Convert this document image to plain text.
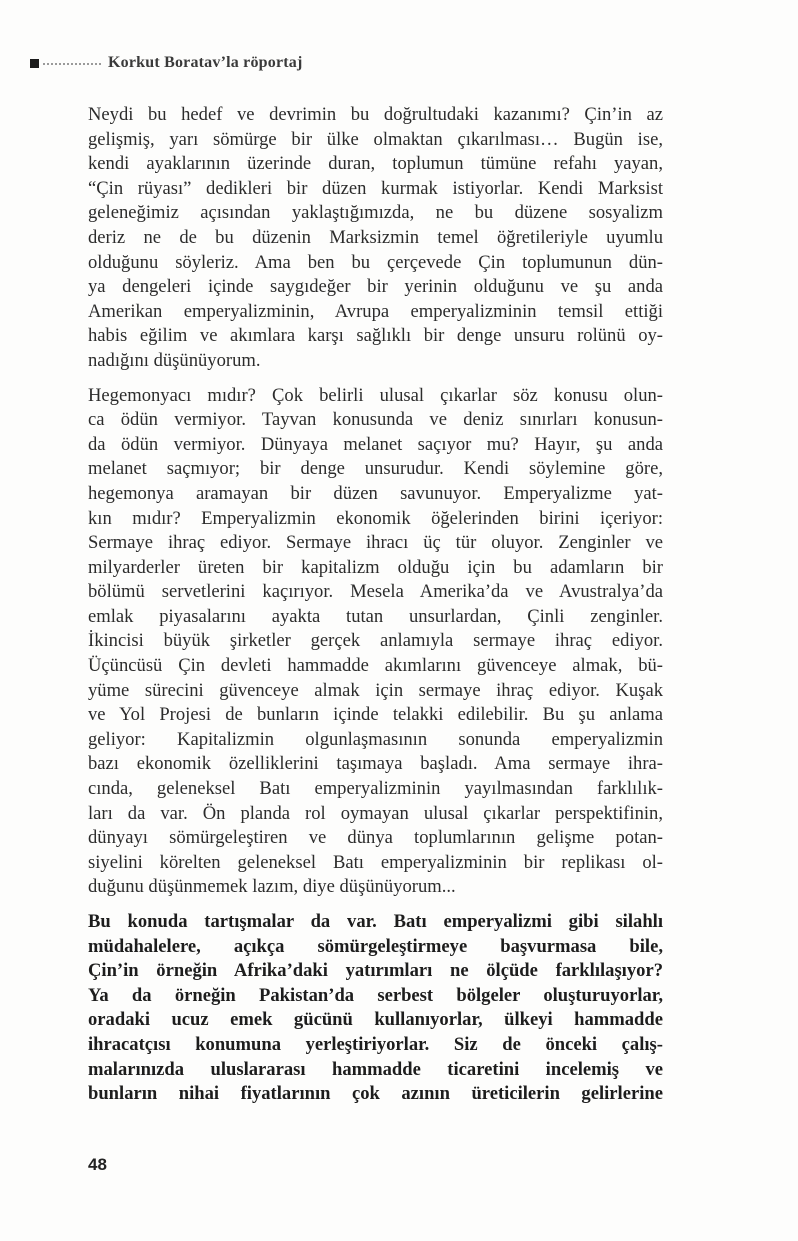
Korkut Boratav’la röportaj

Neydi bu hedef ve devrimin bu doğrultudaki kazanımı? Çin’in az
gelişmiş, yarı sömürge bir ülke olmaktan çıkarılması… Bugün ise,
kendi ayaklarının üzerinde duran, toplumun tümüne refahı yayan,
“Çin rüyası” dedikleri bir düzen kurmak istiyorlar. Kendi Marksist
geleneğimiz açısından yaklaştığımızda, ne bu düzene sosyalizm
deriz ne de bu düzenin Marksizmin temel öğretileriyle uyumlu
olduğunu söyleriz. Ama ben bu çerçevede Çin toplumunun dün-
ya dengeleri içinde saygıdeğer bir yerinin olduğunu ve şu anda
Amerikan emperyalizminin, Avrupa emperyalizminin temsil ettiği
habis eğilim ve akımlara karşı sağlıklı bir denge unsuru rolünü oy-
nadığını düşünüyorum.

Hegemonyacı mıdır? Çok belirli ulusal çıkarlar söz konusu olun-
ca ödün vermiyor. Tayvan konusunda ve deniz sınırları konusun-
da ödün vermiyor. Dünyaya melanet saçıyor mu? Hayır, şu anda
melanet saçmıyor; bir denge unsurudur. Kendi söylemine göre,
hegemonya aramayan bir düzen savunuyor. Emperyalizme yat-
kın mıdır? Emperyalizmin ekonomik öğelerinden birini içeriyor:
Sermaye ihraç ediyor. Sermaye ihracı üç tür oluyor. Zenginler ve
milyarderler üreten bir kapitalizm olduğu için bu adamların bir
bölümü servetlerini kaçırıyor. Mesela Amerika’da ve Avustralya’da
emlak piyasalarını ayakta tutan unsurlardan, Çinli zenginler.
İkincisi büyük şirketler gerçek anlamıyla sermaye ihraç ediyor.
Üçüncüsü Çin devleti hammadde akımlarını güvenceye almak, bü-
yüme sürecini güvenceye almak için sermaye ihraç ediyor. Kuşak
ve Yol Projesi de bunların içinde telakki edilebilir. Bu şu anlama
geliyor: Kapitalizmin olgunlaşmasının sonunda emperyalizmin
bazı ekonomik özelliklerini taşımaya başladı. Ama sermaye ihra-
cında, geleneksel Batı emperyalizminin yayılmasından farklılık-
ları da var. Ön planda rol oymayan ulusal çıkarlar perspektifinin,
dünyayı sömürgeleştiren ve dünya toplumlarının gelişme potan-
siyelini körelten geleneksel Batı emperyalizminin bir replikası ol-
duğunu düşünmemek lazım, diye düşünüyorum...

Bu konuda tartışmalar da var. Batı emperyalizmi gibi silahlı
müdahalelere, açıkça sömürgeleştirmeye başvurmasa bile,
Çin’in örneğin Afrika’daki yatırımları ne ölçüde farklılaşıyor?
Ya da örneğin Pakistan’da serbest bölgeler oluşturuyorlar,
oradaki ucuz emek gücünü kullanıyorlar, ülkeyi hammadde
ihracatçısı konumuna yerleştiriyorlar. Siz de önceki çalış-
malarınızda uluslararası hammadde ticaretini incelemiş ve
bunların nihai fiyatlarının çok azının üreticilerin gelirlerine

48
